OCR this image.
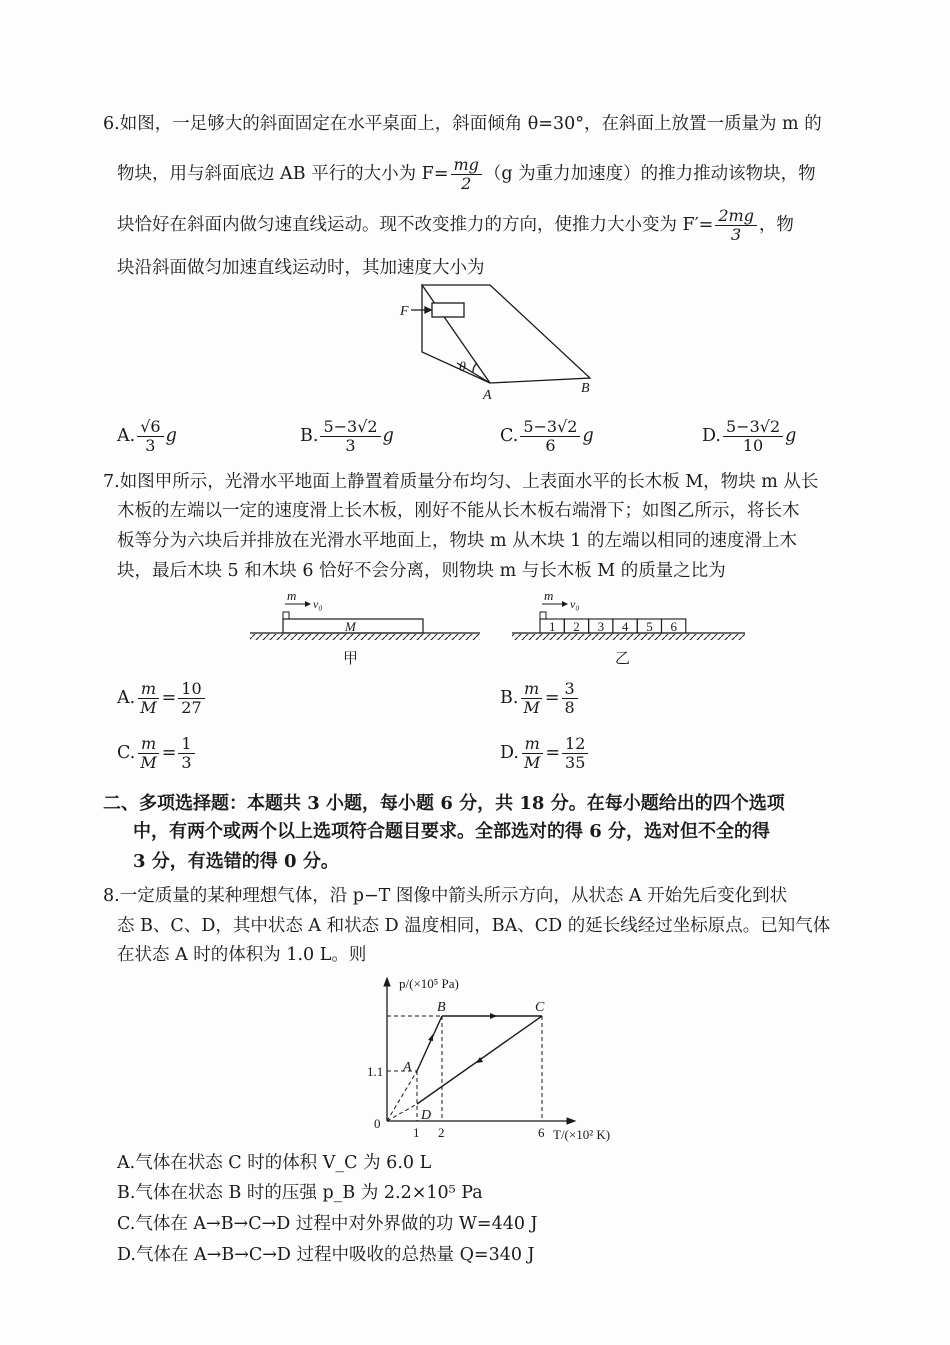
6.如图，一足够大的斜面固定在水平桌面上，斜面倾角 θ=30°，在斜面上放置一质量为 m 的
物块，用与斜面底边 AB 平行的大小为 $F= \frac{mg}{2} (g$ 为重力加速度）的推力推动该物块，物
块恰好在斜面内做匀速直线运动。现不改变推力的方向，使推力大小变为 $F'= \frac{2mg}{3}$ ，物
块沿斜面做匀加速直线运动时，其加速度大小为
F
θ
A	B
A. $\frac{√6}{3}$ g	B. $\frac{5-3√2}{3}$ g	C. $\frac{5-3√2}{6}$ g	D. $\frac{5-3√2}{10}$ g
7.如图甲所示，光滑水平地面上静置着质量分布均匀、上表面水平的长木板 M，物块 m 从长
木板的左端以一定的速度滑上长木板，刚好不能从长木板右端滑下；如图乙所示，将长木
板等分为六块后并排放在光滑水平地面上，物块 m 从木块 1 的左端以相同的速度滑上木
块，最后木块 5 和木块 6 恰好不会分离，则物块 m 与长木板 M 的质量之比为
m
v₀
M
甲
1 2 3 4 5 6
m
v₀
乙
A. $\frac{m}{M} = \frac{10}{27}$	B. $\frac{m}{M} = \frac{3}{8}$
C. $\frac{m}{M} = \frac{1}{3}$	D. $\frac{m}{M} = \frac{12}{35}$
二、多项选择题：本题共 3 小题，每小题 6 分，共 18 分。在每小题给出的四个选项
中，有两个或两个以上选项符合题目要求。全部选对的得 6 分，选对但不全的得
3 分，有选错的得 0 分。
8.一定质量的某种理想气体，沿 p−T 图像中箭头所示方向，从状态 A 开始先后变化到状
态 B、C、D，其中状态 A 和状态 D 温度相同，BA、CD 的延长线经过坐标原点。已知气体
在状态 A 时的体积为 1.0 L。则
p/(×10⁵ Pa)
T/(×10² K)
1.1
0
1 2	6
A
B	C
D
A.气体在状态 C 时的体积 V_C 为 6.0 L
B.气体在状态 B 时的压强 p_B 为 2.2×10⁵ Pa
C.气体在 A→B→C→D 过程中对外界做的功 W=440 J
D.气体在 A→B→C→D 过程中吸收的总热量 Q=340 J
